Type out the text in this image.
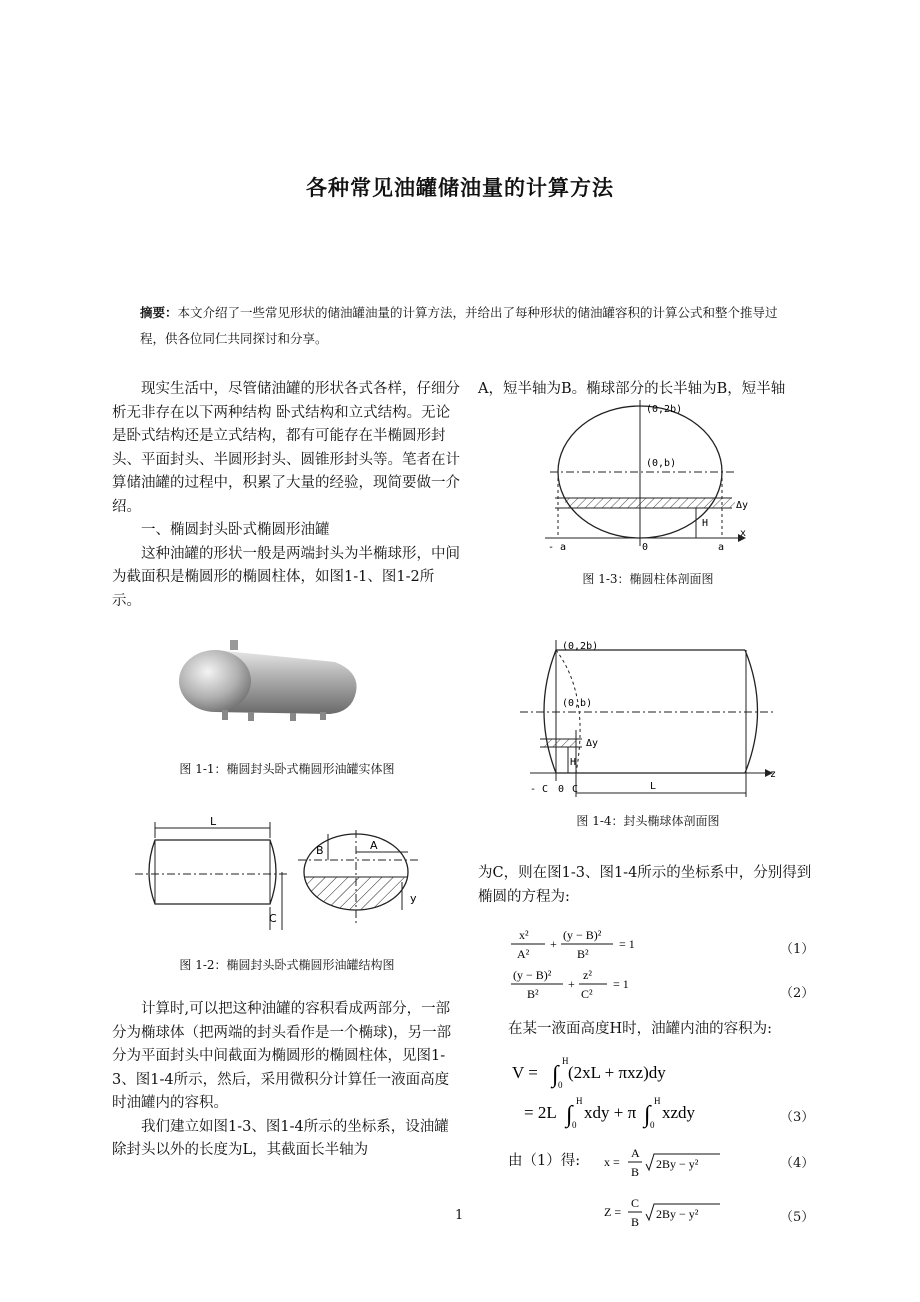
各种常见油罐储油量的计算方法
摘要：本文介绍了一些常见形状的储油罐油量的计算方法，并给出了每种形状的储油罐容积的计算公式和整个推导过程，供各位同仁共同探讨和分享。

现实生活中，尽管储油罐的形状各式各样，仔细分析无非存在以下两种结构 卧式结构和立式结构。无论是卧式结构还是立式结构，都有可能存在半椭圆形封头、平面封头、半圆形封头、圆锥形封头等。笔者在计算储油罐的过程中，积累了大量的经验，现简要做一介绍。

一、椭圆封头卧式椭圆形油罐

这种油罐的形状一般是两端封头为半椭球形，中间为截面积是椭圆形的椭圆柱体，如图1-1、图1-2所示。

图 1-1：椭圆封头卧式椭圆形油罐实体图
L
C
B	A
y
图 1-2：椭圆封头卧式椭圆形油罐结构图

计算时,可以把这种油罐的容积看成两部分，一部分为椭球体（把两端的封头看作是一个椭球)，另一部分为平面封头中间截面为椭圆形的椭圆柱体，见图1-3、图1-4所示，然后，采用微积分计算任一液面高度时油罐内的容积。

我们建立如图1-3、图1-4所示的坐标系，设油罐除封头以外的长度为L，其截面长半轴为

A，短半轴为B。椭球部分的长半轴为B，短半轴
(0,2b)
(0,b)
Δy
H
x
- a	0	a
图 1-3：椭圆柱体剖面图
(0,2b)
(0,b)
Δy
H
L
z
- C 0 C
图 1-4：封头椭球体剖面图
为C，则在图1-3、图1-4所示的坐标系中，分别得到椭圆的方程为:
x²
A²
+
(y − B)²
B²
= 1	（1）
(y − B)²
B²
+
z²
C²
= 1
（2）
在某一液面高度H时，油罐内油的容积为:
V = ∫
H
0
(2xL + πxz)dy
= 2L ∫
H
0
xdy + π ∫
H
0
xzdy	（3）
由（1）得: x =
A
B
2By − y²	（4）
Z =
C
B
2By − y²	（5）
1
